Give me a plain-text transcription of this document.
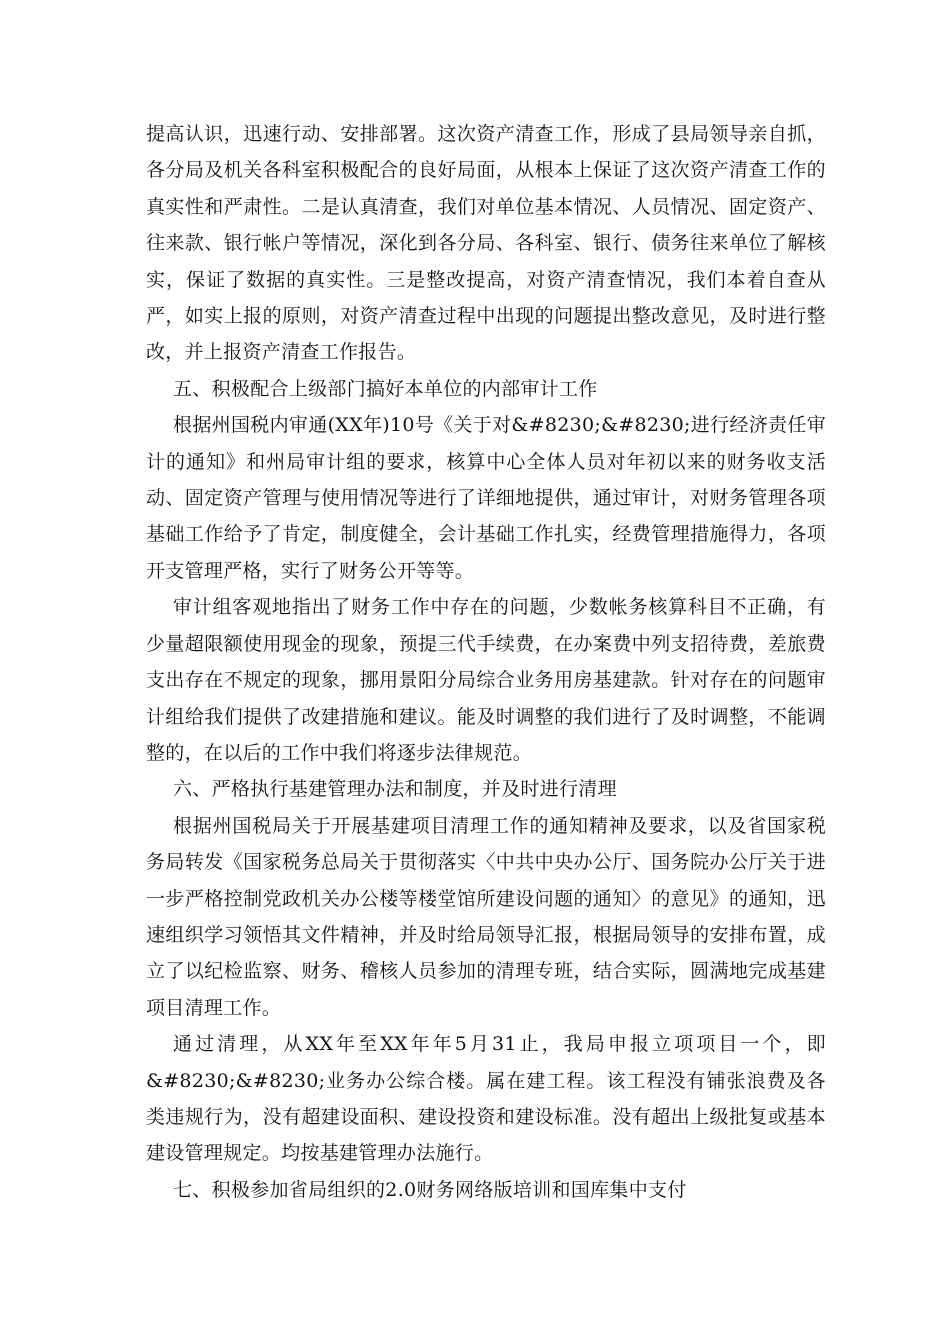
提高认识，迅速行动、安排部署。这次资产清查工作，形成了县局领导亲自抓，各分局及机关各科室积极配合的良好局面，从根本上保证了这次资产清查工作的真实性和严肃性。二是认真清查，我们对单位基本情况、人员情况、固定资产、往来款、银行帐户等情况，深化到各分局、各科室、银行、债务往来单位了解核实，保证了数据的真实性。三是整改提高，对资产清查情况，我们本着自查从严，如实上报的原则，对资产清查过程中出现的问题提出整改意见，及时进行整改，并上报资产清查工作报告。

五、积极配合上级部门搞好本单位的内部审计工作

根据州国税内审通(XX年)10号《关于对&#8230;&#8230;进行经济责任审计的通知》和州局审计组的要求，核算中心全体人员对年初以来的财务收支活动、固定资产管理与使用情况等进行了详细地提供，通过审计，对财务管理各项基础工作给予了肯定，制度健全，会计基础工作扎实，经费管理措施得力，各项开支管理严格，实行了财务公开等等。

审计组客观地指出了财务工作中存在的问题，少数帐务核算科目不正确，有少量超限额使用现金的现象，预提三代手续费，在办案费中列支招待费，差旅费支出存在不规定的现象，挪用景阳分局综合业务用房基建款。针对存在的问题审计组给我们提供了改建措施和建议。能及时调整的我们进行了及时调整，不能调整的，在以后的工作中我们将逐步法律规范。

六、严格执行基建管理办法和制度，并及时进行清理

根据州国税局关于开展基建项目清理工作的通知精神及要求，以及省国家税务局转发《国家税务总局关于贯彻落实〈中共中央办公厅、国务院办公厅关于进一步严格控制党政机关办公楼等楼堂馆所建设问题的通知〉的意见》的通知，迅速组织学习领悟其文件精神，并及时给局领导汇报，根据局领导的安排布置，成立了以纪检监察、财务、稽核人员参加的清理专班，结合实际，圆满地完成基建项目清理工作。

通过清理，从XX年至XX年年5月31止，我局申报立项项目一个，即&#8230;&#8230;业务办公综合楼。属在建工程。该工程没有铺张浪费及各类违规行为，没有超建设面积、建设投资和建设标准。没有超出上级批复或基本建设管理规定。均按基建管理办法施行。

七、积极参加省局组织的2.0财务网络版培训和国库集中支付
